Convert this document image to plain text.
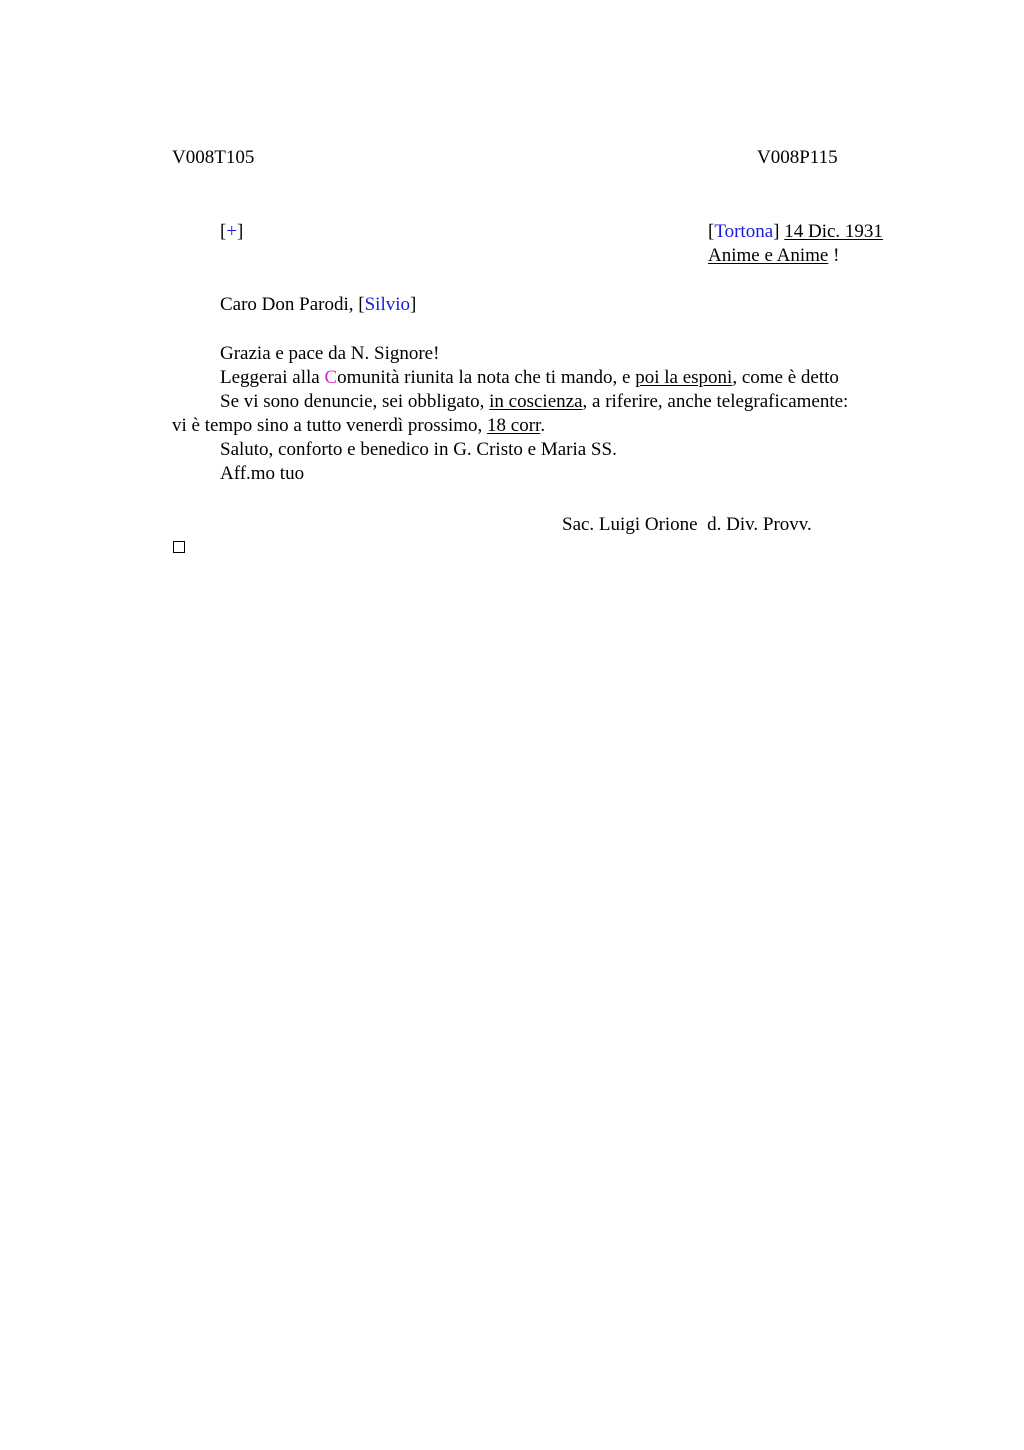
V008T105	V008P115
[+]	[Tortona] 14 Dic. 1931
Anime e Anime !
Caro Don Parodi, [Silvio]
Grazia e pace da N. Signore!
Leggerai alla Comunità riunita la nota che ti mando, e poi la esponi, come è detto
Se vi sono denuncie, sei obbligato, in coscienza, a riferire, anche telegraficamente:
vi è tempo sino a tutto venerdì prossimo, 18 corr.
Saluto, conforto e benedico in G. Cristo e Maria SS.
Aff.mo tuo
Sac. Luigi Orione  d. Div. Provv.
